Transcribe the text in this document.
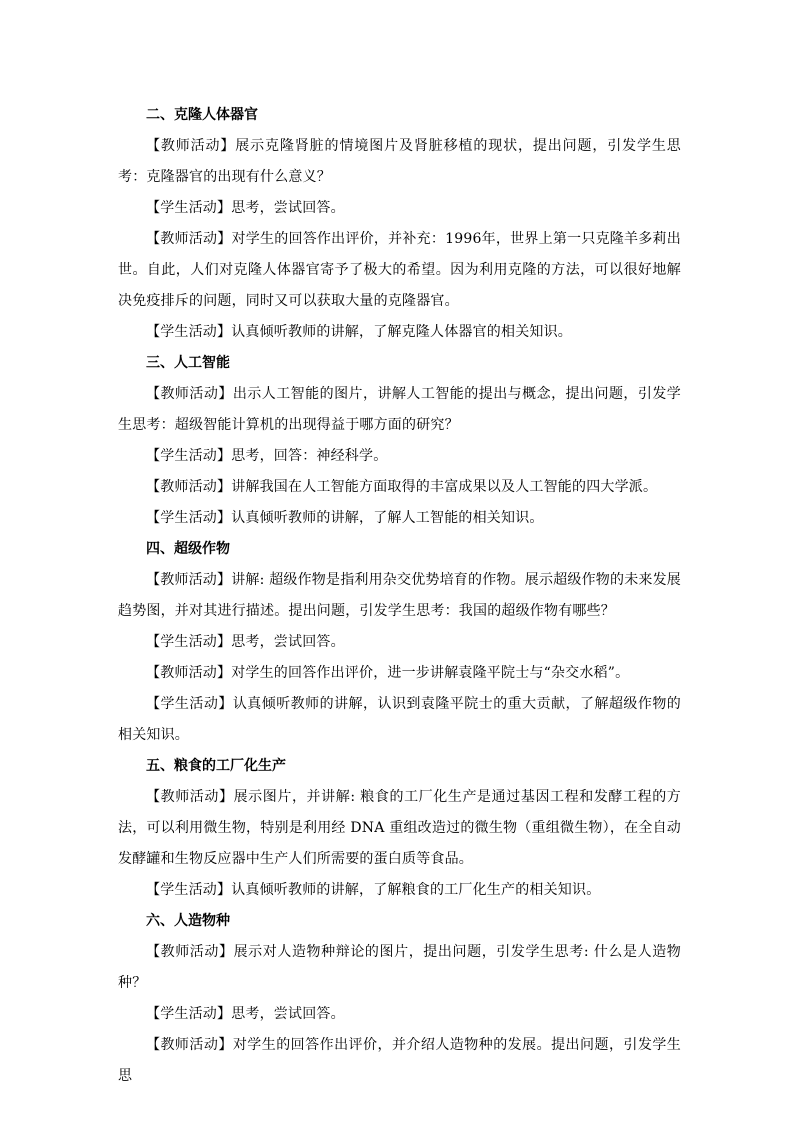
二、克隆人体器官

【教师活动】展示克隆肾脏的情境图片及肾脏移植的现状，提出问题，引发学生思考：克隆器官的出现有什么意义？

【学生活动】思考，尝试回答。

【教师活动】对学生的回答作出评价，并补充：1996年，世界上第一只克隆羊多莉出世。自此，人们对克隆人体器官寄予了极大的希望。因为利用克隆的方法，可以很好地解决免疫排斥的问题，同时又可以获取大量的克隆器官。

【学生活动】认真倾听教师的讲解，了解克隆人体器官的相关知识。

三、人工智能

【教师活动】出示人工智能的图片，讲解人工智能的提出与概念，提出问题，引发学生思考：超级智能计算机的出现得益于哪方面的研究？

【学生活动】思考，回答：神经科学。

【教师活动】讲解我国在人工智能方面取得的丰富成果以及人工智能的四大学派。

【学生活动】认真倾听教师的讲解，了解人工智能的相关知识。

四、超级作物

【教师活动】讲解: 超级作物是指利用杂交优势培育的作物。展示超级作物的未来发展趋势图，并对其进行描述。提出问题，引发学生思考：我国的超级作物有哪些？

【学生活动】思考，尝试回答。

【教师活动】对学生的回答作出评价，进一步讲解袁隆平院士与“杂交水稻”。

【学生活动】认真倾听教师的讲解，认识到袁隆平院士的重大贡献，了解超级作物的相关知识。

五、粮食的工厂化生产

【教师活动】展示图片，并讲解: 粮食的工厂化生产是通过基因工程和发酵工程的方法，可以利用微生物，特别是利用经 DNA 重组改造过的微生物（重组微生物），在全自动发酵罐和生物反应器中生产人们所需要的蛋白质等食品。

【学生活动】认真倾听教师的讲解，了解粮食的工厂化生产的相关知识。

六、人造物种

【教师活动】展示对人造物种辩论的图片，提出问题，引发学生思考: 什么是人造物种？

【学生活动】思考，尝试回答。

【教师活动】对学生的回答作出评价，并介绍人造物种的发展。提出问题，引发学生思
